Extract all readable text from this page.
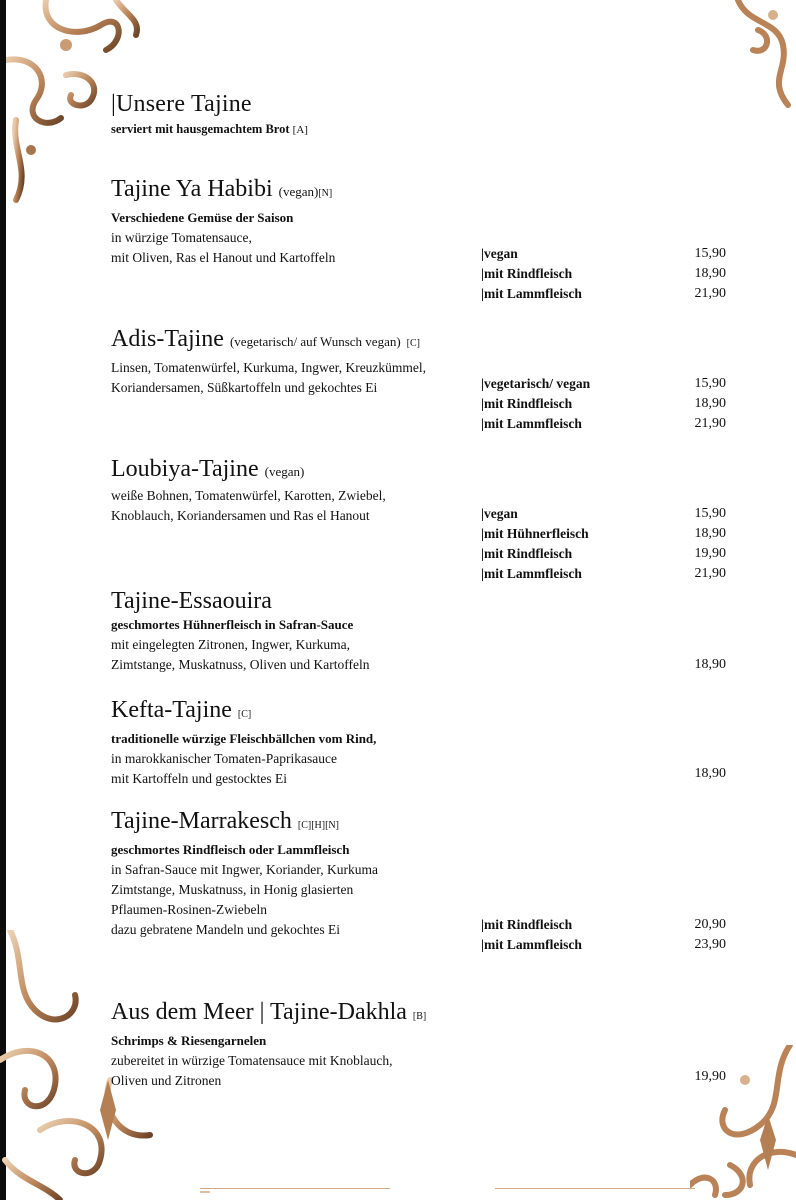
|Unsere Tajine
serviert mit hausgemachtem Brot [A]
Tajine Ya Habibi (vegan)[N]
Verschiedene Gemüse der Saison
in würzige Tomatensauce,
mit Oliven, Ras el Hanout und Kartoffeln	|vegan	15,90
|mit Rindfleisch	18,90
|mit Lammfleisch	21,90
Adis-Tajine (vegetarisch/ auf Wunsch vegan) [C]
Linsen, Tomatenwürfel, Kurkuma, Ingwer, Kreuzkümmel,
Koriandersamen, Süßkartoffeln und gekochtes Ei	|vegetarisch/ vegan	15,90
|mit Rindfleisch	18,90
|mit Lammfleisch	21,90
Loubiya-Tajine (vegan)
weiße Bohnen, Tomatenwürfel, Karotten, Zwiebel,
Knoblauch, Koriandersamen und Ras el Hanout	|vegan	15,90
|mit Hühnerfleisch	18,90
|mit Rindfleisch	19,90
|mit Lammfleisch	21,90
Tajine-Essaouira
geschmortes Hühnerfleisch in Safran-Sauce
mit eingelegten Zitronen, Ingwer, Kurkuma,
Zimtstange, Muskatnuss, Oliven und Kartoffeln	18,90
Kefta-Tajine [C]
traditionelle würzige Fleischbällchen vom Rind,
in marokkanischer Tomaten-Paprikasauce
mit Kartoffeln und gestocktes Ei	18,90
Tajine-Marrakesch [C][H][N]
geschmortes Rindfleisch oder Lammfleisch
in Safran-Sauce mit Ingwer, Koriander, Kurkuma
Zimtstange, Muskatnuss, in Honig glasierten
Pflaumen-Rosinen-Zwiebeln
dazu gebratene Mandeln und gekochtes Ei	|mit Rindfleisch	20,90
|mit Lammfleisch	23,90
Aus dem Meer | Tajine-Dakhla [B]
Schrimps & Riesengarnelen
zubereitet in würzige Tomatensauce mit Knoblauch,
Oliven und Zitronen	19,90
